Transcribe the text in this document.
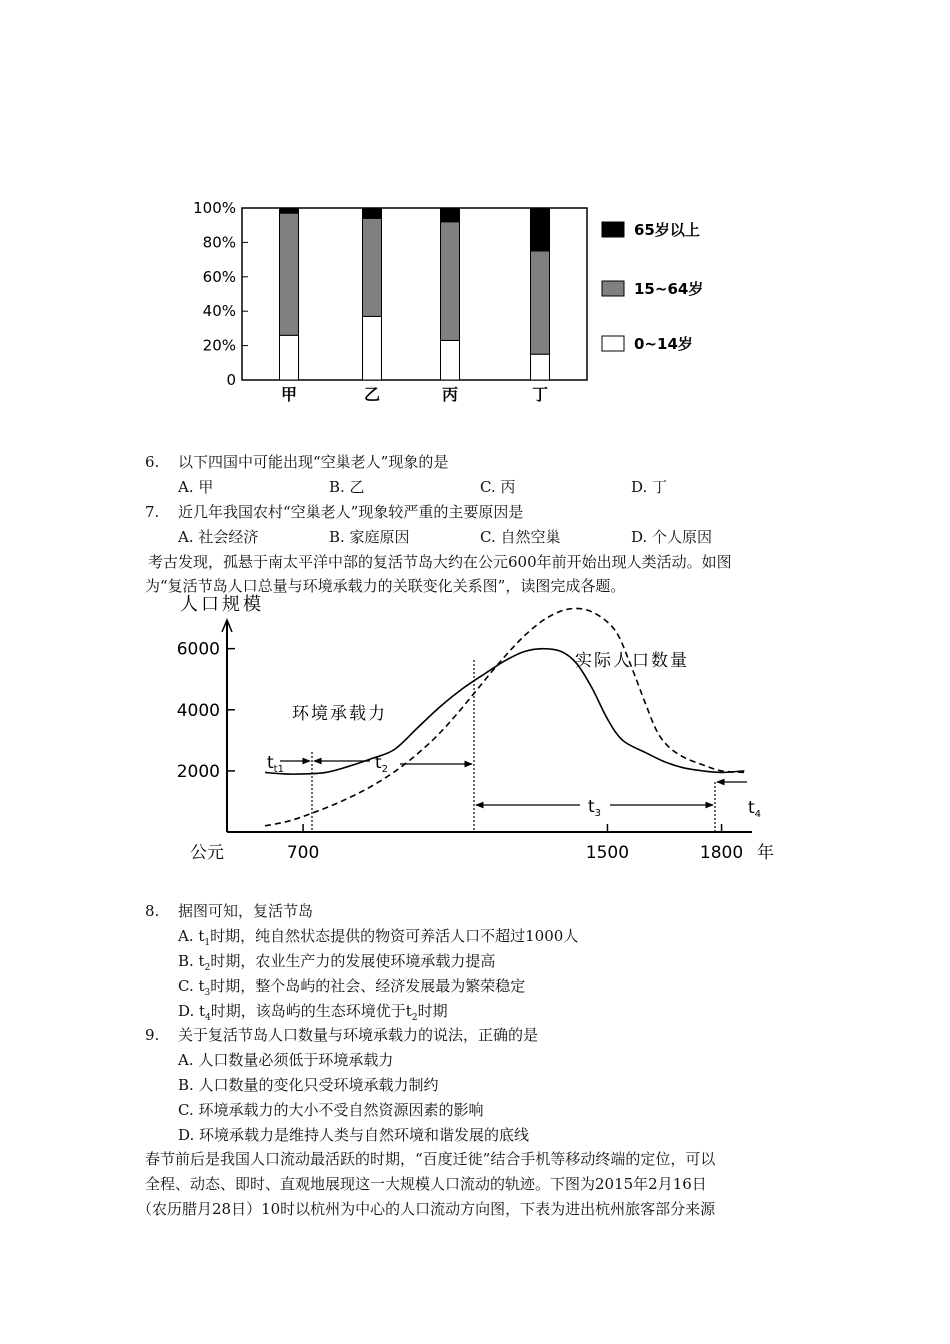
100%
80%
60%
40%
20%
0
甲	乙	丙	丁
65岁以上
15~64岁
0~14岁
6. 以下四国中可能出现“空巢老人”现象的是
A. 甲	B. 乙	C. 丙	D. 丁
7. 近几年我国农村“空巢老人”现象较严重的主要原因是
A. 社会经济	B. 家庭原因	C. 自然空巢	D. 个人原因
考古发现，孤悬于南太平洋中部的复活节岛大约在公元600年前开始出现人类活动。如图
为“复活节岛人口总量与环境承载力的关联变化关系图”，读图完成各题。
6000
4000
2000
700	1500	1800
人口规模
公元	年
$t_{t1}$	$t_2$
$t_3$	$t_4$
环境承载力
实际人口数量
8. 据图可知，复活节岛
A. $t_1$时期，纯自然状态提供的物资可养活人口不超过1000人
B. $t_2$时期，农业生产力的发展使环境承载力提高
C. $t_3$时期，整个岛屿的社会、经济发展最为繁荣稳定
D. $t_4$时期，该岛屿的生态环境优于$t_2$时期
9. 关于复活节岛人口数量与环境承载力的说法，正确的是
A. 人口数量必须低于环境承载力
B. 人口数量的变化只受环境承载力制约
C. 环境承载力的大小不受自然资源因素的影响
D. 环境承载力是维持人类与自然环境和谐发展的底线
春节前后是我国人口流动最活跃的时期，“百度迁徙”结合手机等移动终端的定位，可以
全程、动态、即时、直观地展现这一大规模人口流动的轨迹。下图为2015年2月16日
（农历腊月28日）10时以杭州为中心的人口流动方向图，下表为进出杭州旅客部分来源
